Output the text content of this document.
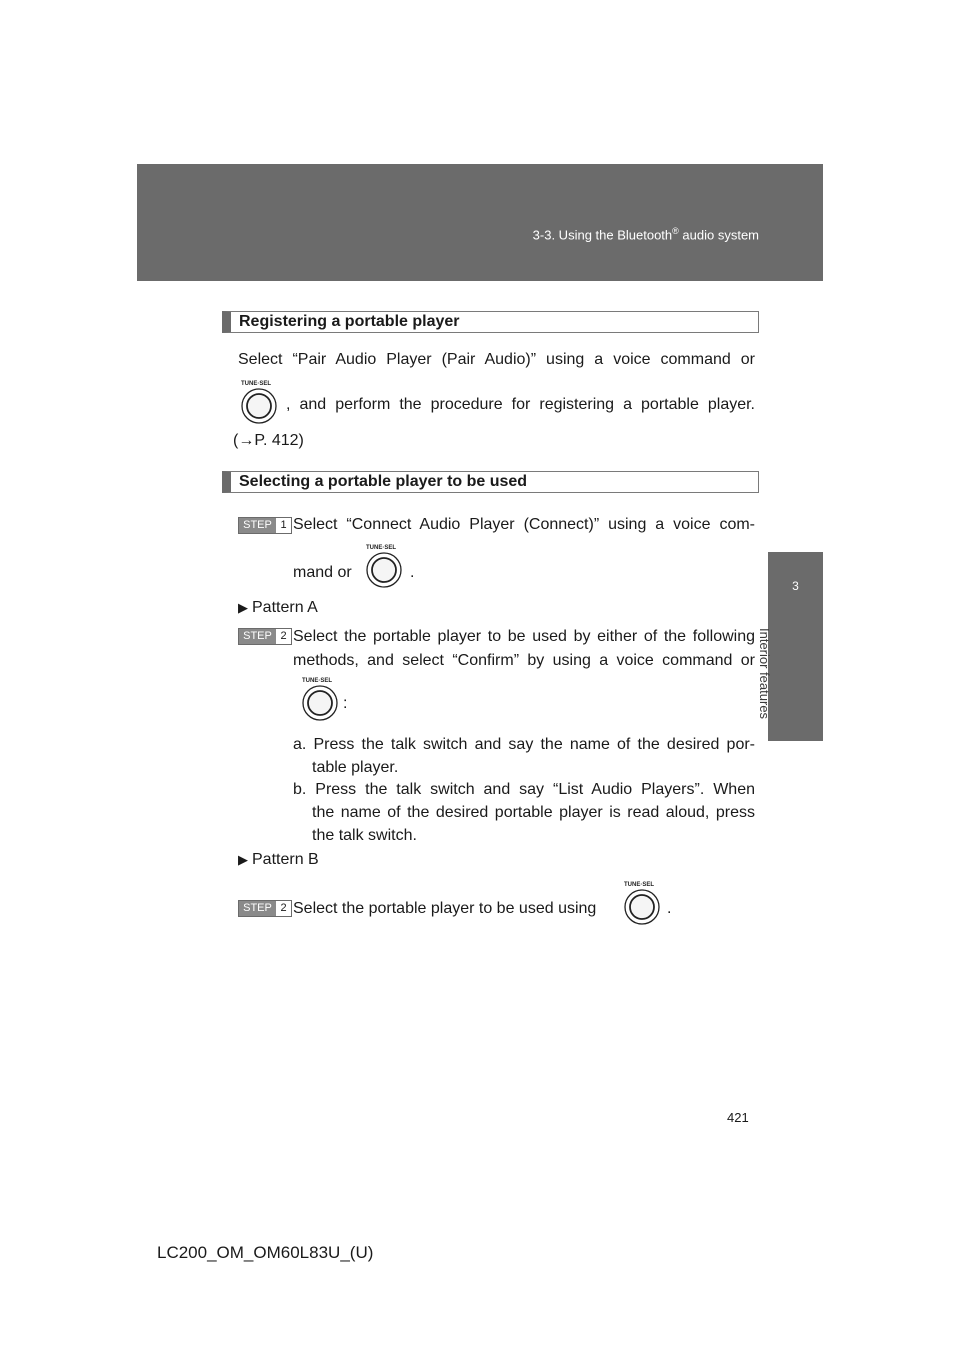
3-3. Using the Bluetooth® audio system
3
Interior features
Registering a portable player
Select “Pair Audio Player (Pair Audio)” using a voice command or
TUNE·SEL
, and perform the procedure for registering a portable player.
(→P. 412)
Selecting a portable player to be used
STEP 1 Select “Connect Audio Player (Connect)” using a voice com-
mand or
TUNE·SEL
.
▶ Pattern A
STEP 2 Select the portable player to be used by either of the following
methods, and select “Confirm” by using a voice command or
TUNE·SEL
:
a. Press the talk switch and say the name of the desired por-
table player.
b. Press the talk switch and say “List Audio Players”. When
the name of the desired portable player is read aloud, press
the talk switch.
▶ Pattern B
STEP 2 Select the portable player to be used using
TUNE·SEL
.
421
LC200_OM_OM60L83U_(U)
